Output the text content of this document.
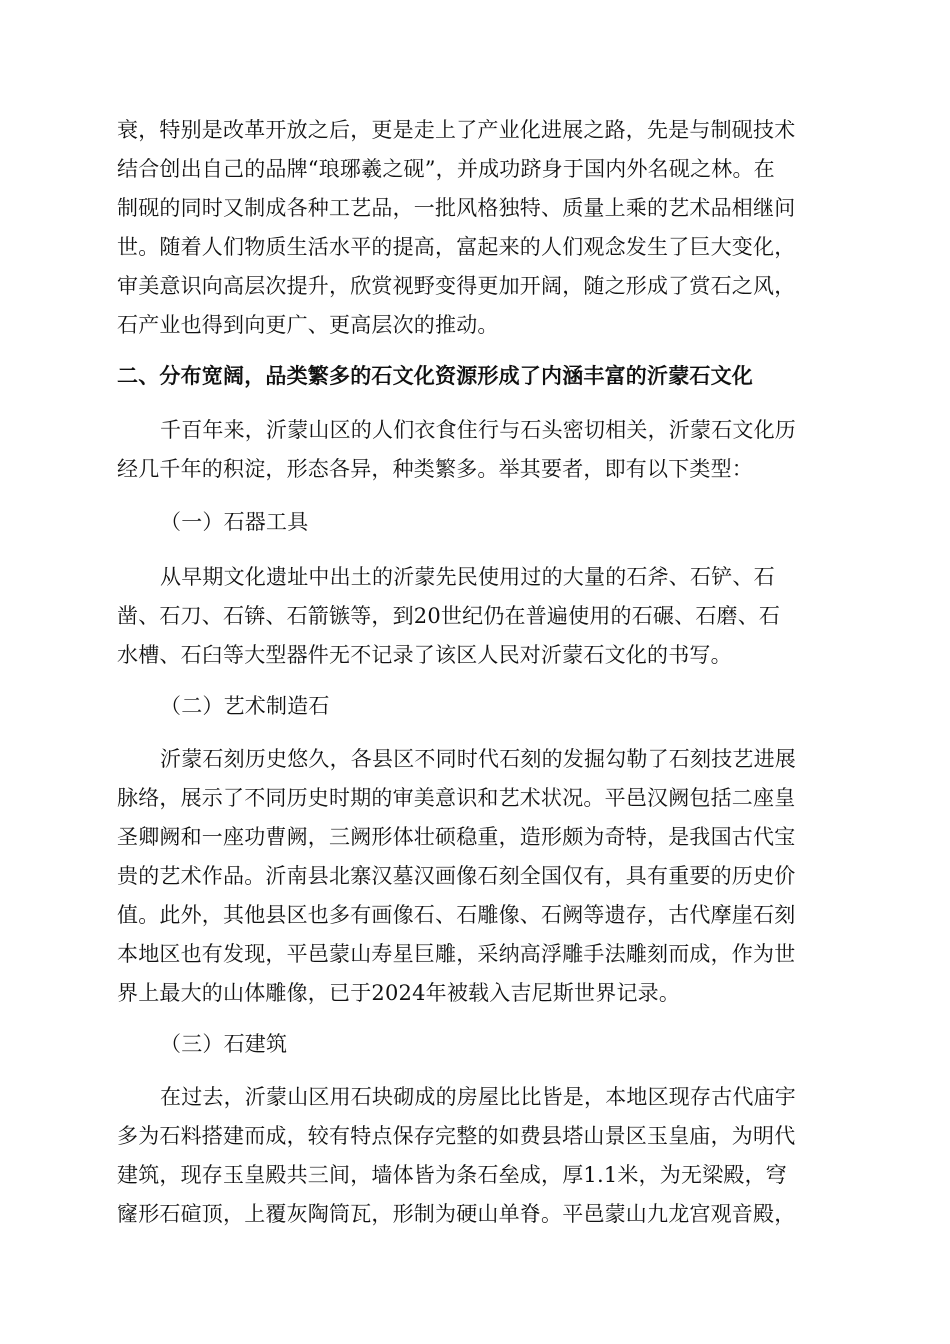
衰，特别是改革开放之后，更是走上了产业化进展之路，先是与制砚技术
结合创出自己的品牌“琅琊羲之砚”，并成功跻身于国内外名砚之林。在
制砚的同时又制成各种工艺品，一批风格独特、质量上乘的艺术品相继问
世。随着人们物质生活水平的提高，富起来的人们观念发生了巨大变化，
审美意识向高层次提升，欣赏视野变得更加开阔，随之形成了赏石之风，
石产业也得到向更广、更高层次的推动。
二、分布宽阔，品类繁多的石文化资源形成了内涵丰富的沂蒙石文化
千百年来，沂蒙山区的人们衣食住行与石头密切相关，沂蒙石文化历
经几千年的积淀，形态各异，种类繁多。举其要者，即有以下类型：
（一）石器工具
从早期文化遗址中出土的沂蒙先民使用过的大量的石斧、石铲、石
凿、石刀、石锛、石箭镞等，到20世纪仍在普遍使用的石碾、石磨、石
水槽、石臼等大型器件无不记录了该区人民对沂蒙石文化的书写。
（二）艺术制造石
沂蒙石刻历史悠久，各县区不同时代石刻的发掘勾勒了石刻技艺进展
脉络，展示了不同历史时期的审美意识和艺术状况。平邑汉阙包括二座皇
圣卿阙和一座功曹阙，三阙形体壮硕稳重，造形颇为奇特，是我国古代宝
贵的艺术作品。沂南县北寨汉墓汉画像石刻全国仅有，具有重要的历史价
值。此外，其他县区也多有画像石、石雕像、石阙等遗存，古代摩崖石刻
本地区也有发现，平邑蒙山寿星巨雕，采纳高浮雕手法雕刻而成，作为世
界上最大的山体雕像，已于2024年被载入吉尼斯世界记录。
（三）石建筑
在过去，沂蒙山区用石块砌成的房屋比比皆是，本地区现存古代庙宇
多为石料搭建而成，较有特点保存完整的如费县塔山景区玉皇庙，为明代
建筑，现存玉皇殿共三间，墙体皆为条石垒成，厚1.1米，为无梁殿，穹
窿形石碹顶，上覆灰陶筒瓦，形制为硬山单脊。平邑蒙山九龙宫观音殿，
